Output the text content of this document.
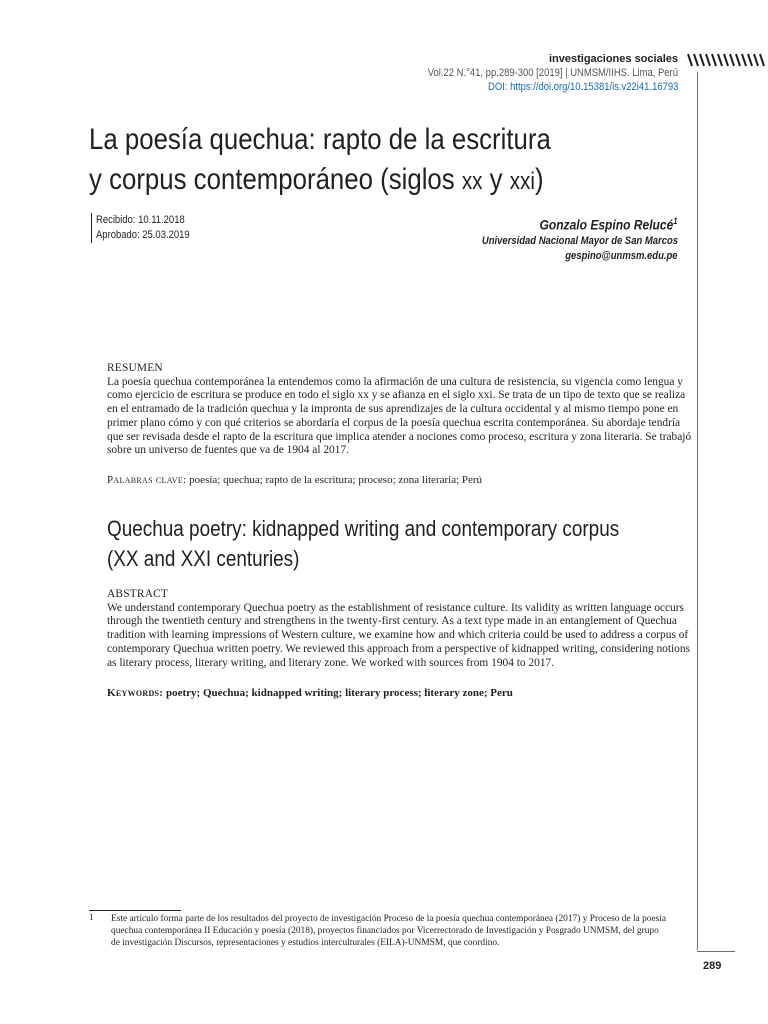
investigaciones sociales
Vol.22 N.°41, pp.289-300 [2019] | UNMSM/IIHS. Lima, Perú
DOI: https://doi.org/10.15381/is.v22i41.16793
La poesía quechua: rapto de la escritura
y corpus contemporáneo (siglos xx y xxi)
Recibido: 10.11.2018
Aprobado: 25.03.2019
Gonzalo Espino Relucé$^1$
Universidad Nacional Mayor de San Marcos
gespino@unmsm.edu.pe
RESUMEN
La poesía quechua contemporánea la entendemos como la afirmación de una cultura de resistencia, su vigencia como lengua y
como ejercicio de escritura se produce en todo el siglo xx y se afianza en el siglo xxi. Se trata de un tipo de texto que se realiza
en el entramado de la tradición quechua y la impronta de sus aprendizajes de la cultura occidental y al mismo tiempo pone en
primer plano cómo y con qué criterios se abordaría el corpus de la poesía quechua escrita contemporánea. Su abordaje tendría
que ser revisada desde el rapto de la escritura que implica atender a nociones como proceso, escritura y zona literaria. Se trabajó
sobre un universo de fuentes que va de 1904 al 2017.
Palabras clave: poesía; quechua; rapto de la escritura; proceso; zona literaria; Perú
Quechua poetry: kidnapped writing and contemporary corpus
(XX and XXI centuries)
ABSTRACT
We understand contemporary Quechua poetry as the establishment of resistance culture. Its validity as written language occurs
through the twentieth century and strengthens in the twenty-first century. As a text type made in an entanglement of Quechua
tradition with learning impressions of Western culture, we examine how and which criteria could be used to address a corpus of
contemporary Quechua written poetry. We reviewed this approach from a perspective of kidnapped writing, considering notions
as literary process, literary writing, and literary zone. We worked with sources from 1904 to 2017.
Keywords: poetry; Quechua; kidnapped writing; literary process; literary zone; Peru
1 Este artículo forma parte de los resultados del proyecto de investigación Proceso de la poesía quechua contemporánea (2017) y Proceso de la poesía
quechua contemporánea II Educación y poesía (2018), proyectos financiados por Vicerrectorado de Investigación y Posgrado UNMSM, del grupo
de investigación Discursos, representaciones y estudios interculturales (EILA)-UNMSM, que coordino.
289
